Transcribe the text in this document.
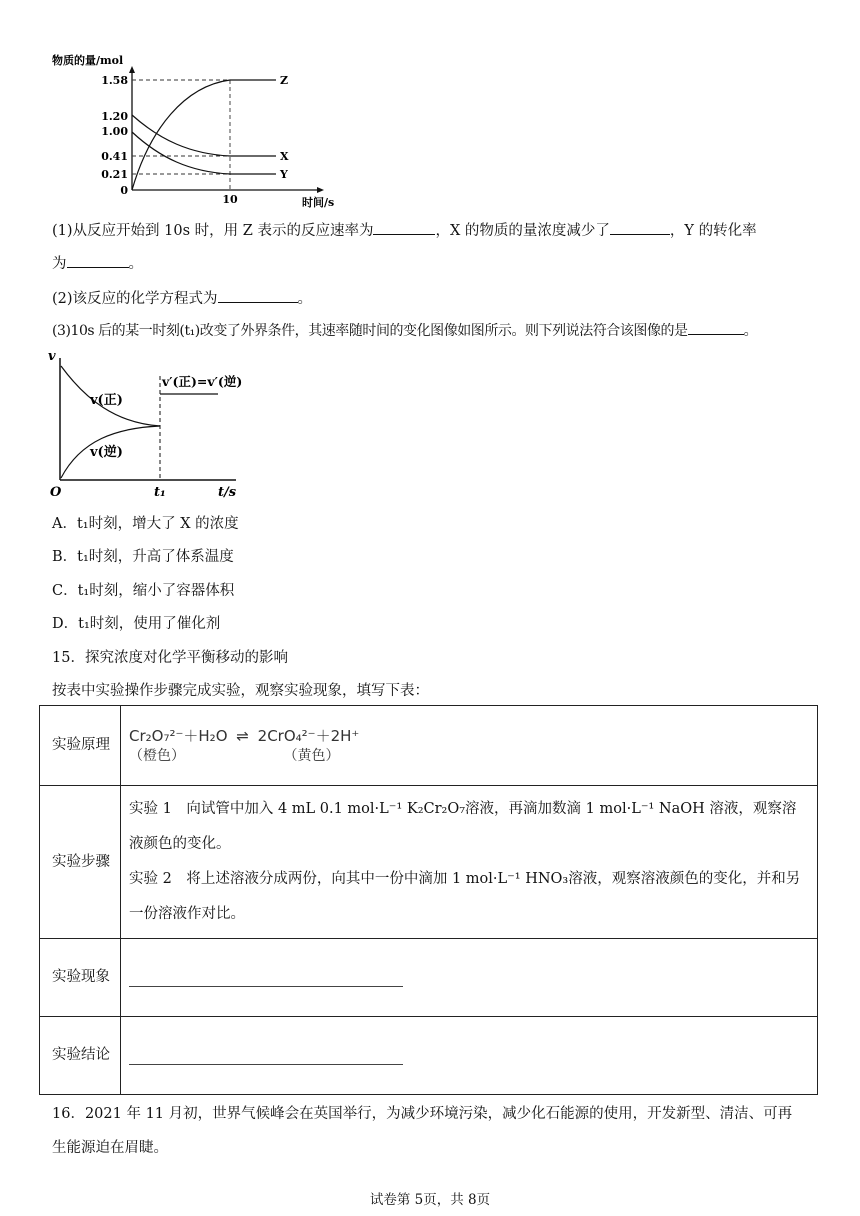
物质的量/mol
1.58
1.20
1.00
0.41
0.21
0
Z
X
Y
10	时间/s
(1)从反应开始到 10s 时，用 Z 表示的反应速率为	，X 的物质的量浓度减少了	，Y 的转化率
为	。
(2)该反应的化学方程式为	。
(3)10s 后的某一时刻(t₁)改变了外界条件，其速率随时间的变化图像如图所示。则下列说法符合该图像的是	。
v
O
v(正)
v(逆)
v′(正)=v′(逆)
t₁	t/s
A．t₁时刻，增大了 X 的浓度
B．t₁时刻，升高了体系温度
C．t₁时刻，缩小了容器体积
D．t₁时刻，使用了催化剂
15．探究浓度对化学平衡移动的影响
按表中实验操作步骤完成实验，观察实验现象，填写下表：
实验原理	Cr₂O₇²⁻＋H₂O ⇌ 2CrO₄²⁻＋2H⁺
（橙色） （黄色）

实验步骤	实验 1　向试管中加入 4 mL 0.1 mol·L⁻¹ K₂Cr₂O₇溶液，再滴加数滴 1 mol·L⁻¹ NaOH 溶液，观察溶液颜色的变化。
实验 2　将上述溶液分成两份，向其中一份中滴加 1 mol·L⁻¹ HNO₃溶液，观察溶液颜色的变化，并和另一份溶液作对比。

实验现象	

实验结论	
16．2021 年 11 月初，世界气候峰会在英国举行，为减少环境污染，减少化石能源的使用，开发新型、清洁、可再
生能源迫在眉睫。
试卷第 5页，共 8页
